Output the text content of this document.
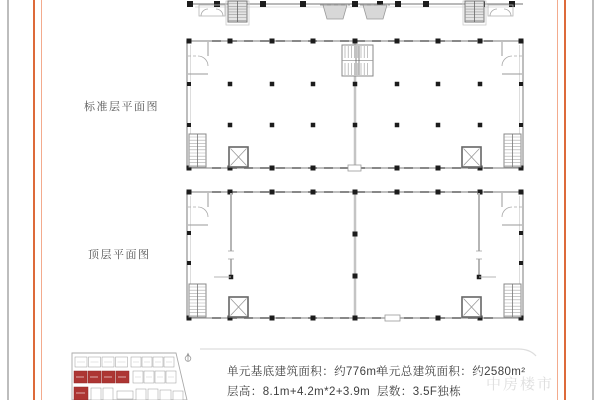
标准层平面图
顶层平面图
单元基底建筑面积：约776m²
单元总建筑面积：约2580m²
层高：8.1m+4.2m*2+3.9m 层数：3.5F独栋 中房楼市
